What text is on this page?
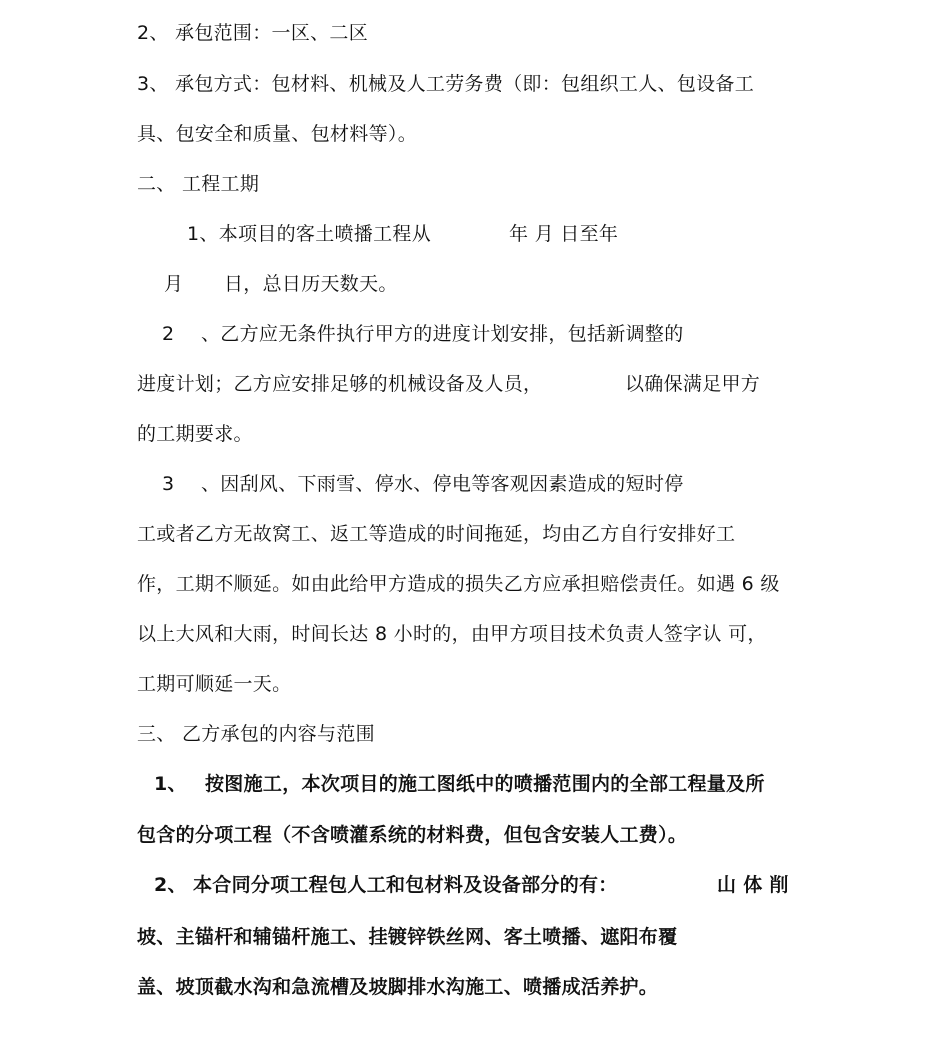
2、 承包范围：一区、二区
3、 承包方式：包材料、机械及人工劳务费（即：包组织工人、包设备工
具、包安全和质量、包材料等）。
二、 工程工期
1、本项目的客土喷播工程从	年 月 日至年
月 日，总日历天数天。
2 、乙方应无条件执行甲方的进度计划安排，包括新调整的
进度计划；乙方应安排足够的机械设备及人员，	以确保满足甲方
的工期要求。
3 、因刮风、下雨雪、停水、停电等客观因素造成的短时停
工或者乙方无故窝工、返工等造成的时间拖延，均由乙方自行安排好工
作，工期不顺延。如由此给甲方造成的损失乙方应承担赔偿责任。如遇 6 级
以上大风和大雨，时间长达 8 小时的，由甲方项目技术负责人签字认 可，
工期可顺延一天。
三、 乙方承包的内容与范围
1、 按图施工，本次项目的施工图纸中的喷播范围内的全部工程量及所
包含的分项工程（不含喷灌系统的材料费，但包含安装人工费）。
2、 本合同分项工程包人工和包材料及设备部分的有：	山 体 削
坡、主锚杆和辅锚杆施工、挂镀锌铁丝网、客土喷播、遮阳布覆
盖、坡顶截水沟和急流槽及坡脚排水沟施工、喷播成活养护。
